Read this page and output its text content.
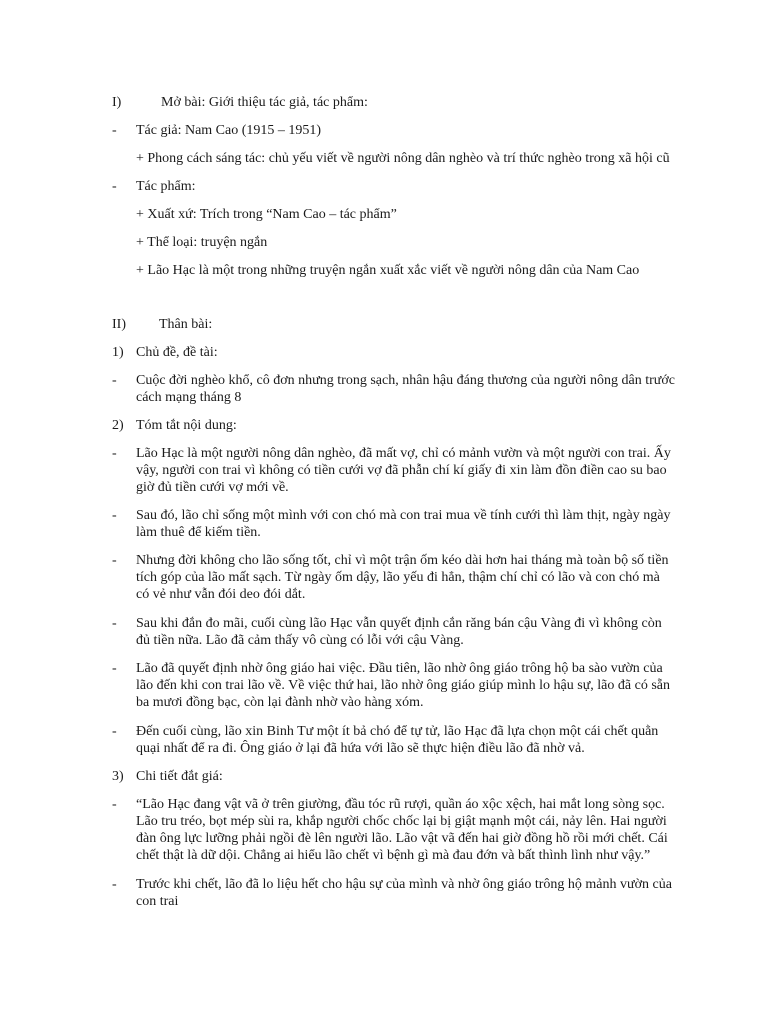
I)	Mở bài: Giới thiệu tác giả, tác phẩm:
- Tác giả: Nam Cao (1915 – 1951)
+ Phong cách sáng tác: chủ yếu viết về người nông dân nghèo và trí thức nghèo trong xã hội cũ
- Tác phẩm:
+ Xuất xứ: Trích trong “Nam Cao – tác phẩm”
+ Thể loại: truyện ngắn
+ Lão Hạc là một trong những truyện ngắn xuất xắc viết về người nông dân của Nam Cao
II) Thân bài:
1) Chủ đề, đề tài:
- Cuộc đời nghèo khổ, cô đơn nhưng trong sạch, nhân hậu đáng thương của người nông dân trước cách mạng tháng 8
2) Tóm tắt nội dung:
- Lão Hạc là một người nông dân nghèo, đã mất vợ, chỉ có mảnh vườn và một người con trai. Ấy vậy, người con trai vì không có tiền cưới vợ đã phẫn chí kí giấy đi xin làm đồn điền cao su bao giờ đủ tiền cưới vợ mới về.
- Sau đó, lão chỉ sống một mình với con chó mà con trai mua về tính cưới thì làm thịt, ngày ngày làm thuê để kiếm tiền.
- Nhưng đời không cho lão sống tốt, chỉ vì một trận ốm kéo dài hơn hai tháng mà toàn bộ số tiền tích góp của lão mất sạch. Từ ngày ốm dậy, lão yếu đi hẳn, thậm chí chỉ có lão và con chó mà có vẻ như vẫn đói deo đói dắt.
- Sau khi đắn đo mãi, cuối cùng lão Hạc vẫn quyết định cắn răng bán cậu Vàng đi vì không còn đủ tiền nữa. Lão đã cảm thấy vô cùng có lỗi với cậu Vàng.
- Lão đã quyết định nhờ ông giáo hai việc. Đầu tiên, lão nhờ ông giáo trông hộ ba sào vườn của lão đến khi con trai lão về. Về việc thứ hai, lão nhờ ông giáo giúp mình lo hậu sự, lão đã có sẵn ba mươi đồng bạc, còn lại đành nhờ vào hàng xóm.
- Đến cuối cùng, lão xin Binh Tư một ít bả chó để tự tử, lão Hạc đã lựa chọn một cái chết quằn quại nhất để ra đi. Ông giáo ở lại đã hứa với lão sẽ thực hiện điều lão đã nhờ vả.
3) Chi tiết đắt giá:
- “Lão Hạc đang vật vã ở trên giường, đầu tóc rũ rượi, quần áo xộc xệch, hai mắt long sòng sọc. Lão tru tréo, bọt mép sùi ra, khắp người chốc chốc lại bị giật mạnh một cái, nảy lên. Hai người đàn ông lực lưỡng phải ngồi đè lên người lão. Lão vật vã đến hai giờ đồng hồ rồi mới chết. Cái chết thật là dữ dội. Chẳng ai hiểu lão chết vì bệnh gì mà đau đớn và bất thình lình như vậy.”
- Trước khi chết, lão đã lo liệu hết cho hậu sự của mình và nhờ ông giáo trông hộ mảnh vườn của con trai
